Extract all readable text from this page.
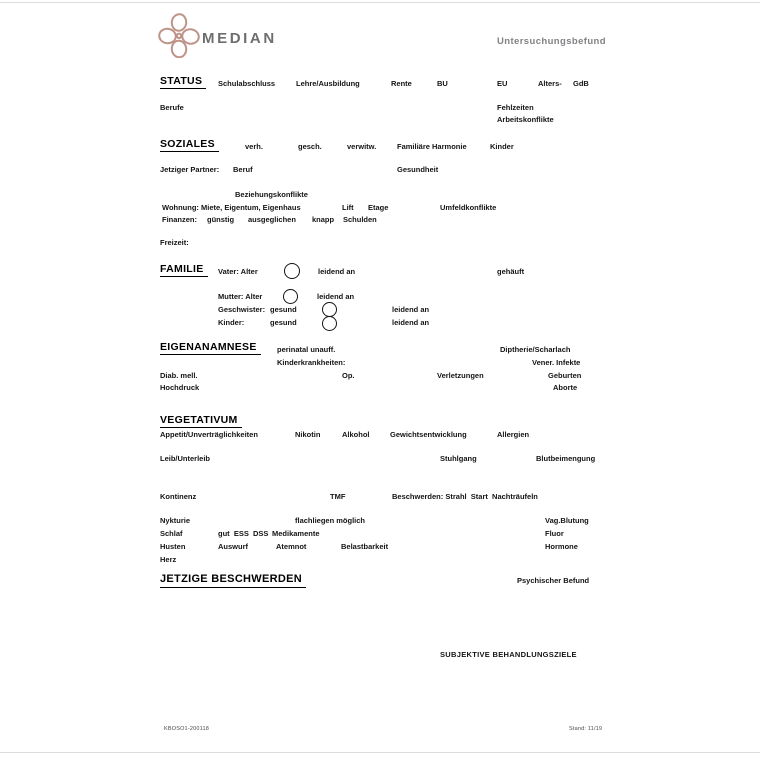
MEDIAN	Untersuchungsbefund
STATUS	Schulabschluss	Lehre/Ausbildung	Rente	BU	EU	Alters- GdB
Berufe	Fehlzeiten
Arbeitskonflikte
SOZIALES	verh.	gesch.	verwitw.	Familiäre Harmonie	Kinder
Jetziger Partner: Beruf	Gesundheit
Beziehungskonflikte
Wohnung: Miete, Eigentum, Eigenhaus	Lift Etage	Umfeldkonflikte
Finanzen: günstig ausgeglichen knapp Schulden
Freizeit:
FAMILIE	Vater: Alter	leidend an	gehäuft
Mutter: Alter	leidend an
Geschwister: gesund	leidend an
Kinder:	gesund	leidend an
EIGENANAMNESE	perinatal unauff.	Diptherie/Scharlach
Kinderkrankheiten:	Vener. Infekte
Diab. mell.	Op.	Verletzungen	Geburten
Hochdruck	Aborte
VEGETATIVUM
Appetit/Unverträglichkeiten	Nikotin	Alkohol	Gewichtsentwicklung	Allergien
Leib/Unterleib	Stuhlgang	Blutbeimengung
Kontinenz	TMF	Beschwerden: Strahl  Start  Nachträufeln
Nykturie	flachliegen möglich	Vag.Blutung
Schlaf	gut  ESS  DSS Medikamente	Fluor
Husten	Auswurf	Atemnot	Belastbarkeit	Hormone
Herz
JETZIGE BESCHWERDEN	Psychischer Befund
SUBJEKTIVE BEHANDLUNGSZIELE
KBOSO1-200118	Stand: 11/19
